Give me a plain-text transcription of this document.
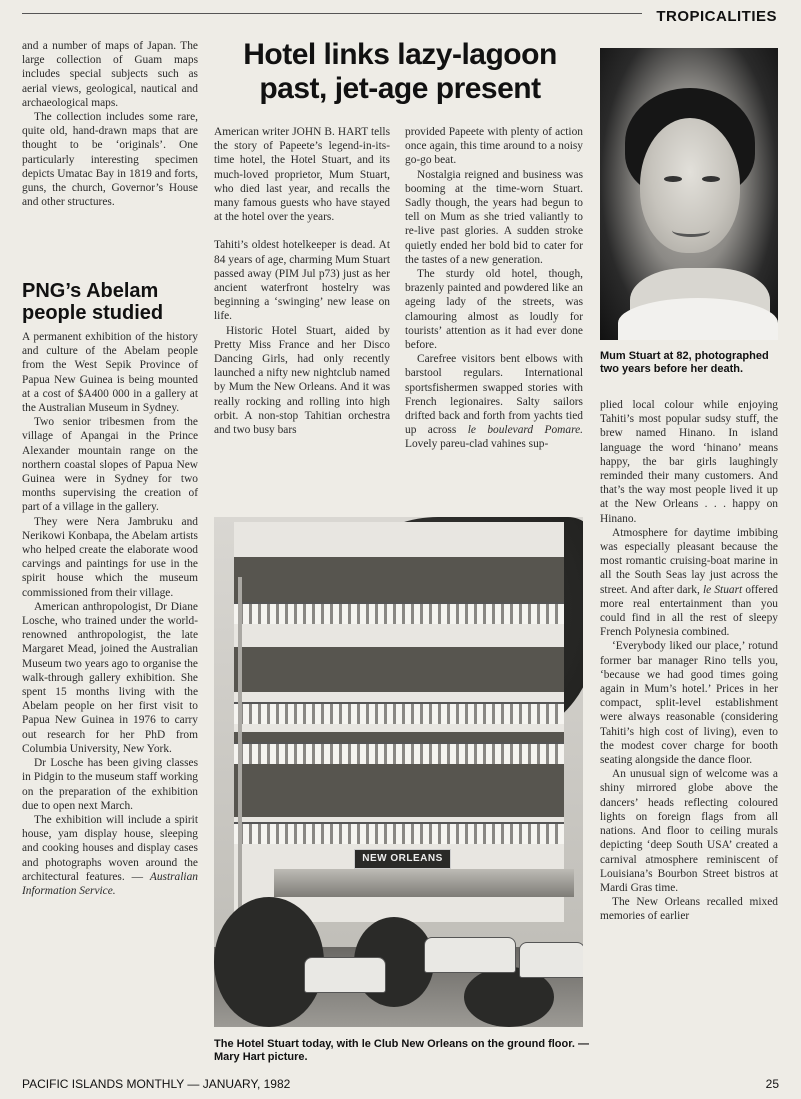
TROPICALITIES

and a number of maps of Japan. The large collection of Guam maps includes special subjects such as aerial views, geological, nautical and archaeological maps.

The collection includes some rare, quite old, hand-drawn maps that are thought to be ‘originals’. One particularly interesting specimen depicts Umatac Bay in 1819 and forts, guns, the church, Governor’s House and other structures.

PNG’s Abelam people studied

A permanent exhibition of the history and culture of the Abelam people from the West Sepik Province of Papua New Guinea is being mounted at a cost of $A400 000 in a gallery at the Australian Museum in Sydney.

Two senior tribesmen from the village of Apangai in the Prince Alexander mountain range on the northern coastal slopes of Papua New Guinea were in Sydney for two months supervising the creation of part of a village in the gallery.

They were Nera Jambruku and Nerikowi Konbapa, the Abelam artists who helped create the elaborate wood carvings and paintings for use in the spirit house which the museum commissioned from their village.

American anthropologist, Dr Diane Losche, who trained under the world-renowned anthropologist, the late Margaret Mead, joined the Australian Museum two years ago to organise the walk-through gallery exhibition. She spent 15 months living with the Abelam people on her first visit to Papua New Guinea in 1976 to carry out research for her PhD from Columbia University, New York.

Dr Losche has been giving classes in Pidgin to the museum staff working on the preparation of the exhibition due to open next March.

The exhibition will include a spirit house, yam display house, sleeping and cooking houses and display cases and photographs woven around the architectural features. — Australian Information Service.

Hotel links lazy-lagoon past, jet-age present

American writer JOHN B. HART tells the story of Papeete’s legend-in-its-time hotel, the Hotel Stuart, and its much-loved proprietor, Mum Stuart, who died last year, and recalls the many famous guests who have stayed at the hotel over the years.

Tahiti’s oldest hotelkeeper is dead. At 84 years of age, charming Mum Stuart passed away (PIM Jul p73) just as her ancient waterfront hostelry was beginning a ‘swinging’ new lease on life.

Historic Hotel Stuart, aided by Pretty Miss France and her Disco Dancing Girls, had only recently launched a nifty new nightclub named by Mum the New Orleans. And it was really rocking and rolling into high orbit. A non-stop Tahitian orchestra and two busy bars

provided Papeete with plenty of action once again, this time around to a noisy go-go beat.

Nostalgia reigned and business was booming at the time-worn Stuart. Sadly though, the years had begun to tell on Mum as she tried valiantly to re-live past glories. A sudden stroke quietly ended her bold bid to cater for the tastes of a new generation.

The sturdy old hotel, though, brazenly painted and powdered like an ageing lady of the streets, was clamouring almost as loudly for tourists’ attention as it had ever done before.

Carefree visitors bent elbows with barstool regulars. International sportsfishermen swapped stories with French legionaires. Salty sailors drifted back and forth from yachts tied up across le boulevard Pomare. Lovely pareu-clad vahines sup-

Mum Stuart at 82, photographed two years before her death.

plied local colour while enjoying Tahiti’s most popular sudsy stuff, the brew named Hinano. In island language the word ‘hinano’ means happy, the bar girls laughingly reminded their many customers. And that’s the way most people lived it up at the New Orleans . . . happy on Hinano.

Atmosphere for daytime imbibing was especially pleasant because the most romantic cruising-boat marine in all the South Seas lay just across the street. And after dark, le Stuart offered more real entertainment than you could find in all the rest of sleepy French Polynesia combined.

‘Everybody liked our place,’ rotund former bar manager Rino tells you, ‘because we had good times going again in Mum’s hotel.’ Prices in her compact, split-level establishment were always reasonable (considering Tahiti’s high cost of living), even to the modest cover charge for booth seating alongside the dance floor.

An unusual sign of welcome was a shiny mirrored globe above the dancers’ heads reflecting coloured lights on foreign flags from all nations. And floor to ceiling murals depicting ‘deep South USA’ created a carnival atmosphere reminiscent of Louisiana’s Bourbon Street bistros at Mardi Gras time.

The New Orleans recalled mixed memories of earlier

NEW ORLEANS
The Hotel Stuart today, with le Club New Orleans on the ground floor. — Mary Hart picture.
PACIFIC ISLANDS MONTHLY — JANUARY, 1982	25
